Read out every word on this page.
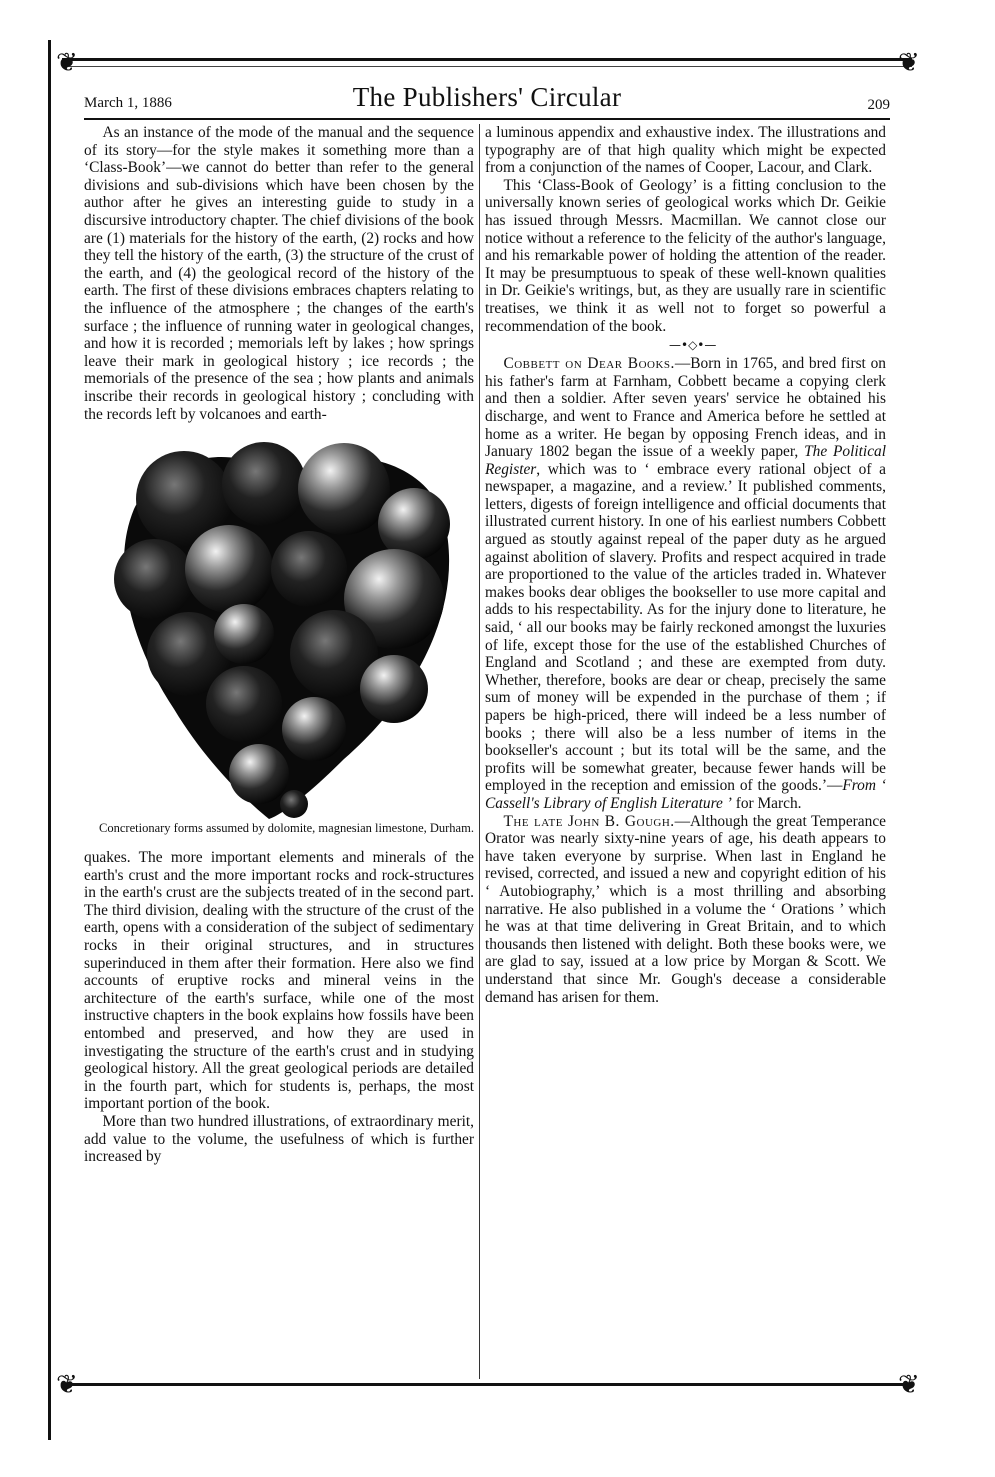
❦	❦
March 1, 1886	The Publishers' Circular	209

As an instance of the mode of the manual and the sequence of its story—for the style makes it something more than a ‘Class-Book’—we cannot do better than refer to the general divisions and sub-divisions which have been chosen by the author after he gives an interesting guide to study in a discursive introductory chapter. The chief divisions of the book are (1) materials for the history of the earth, (2) rocks and how they tell the history of the earth, (3) the structure of the crust of the earth, and (4) the geological record of the history of the earth. The first of these divisions embraces chapters relating to the influence of the atmosphere ; the changes of the earth's surface ; the influence of running water in geological changes, and how it is recorded ; memorials left by lakes ; how springs leave their mark in geological history ; ice records ; the memorials of the presence of the sea ; how plants and animals inscribe their records in geological history ; concluding with the records left by volcanoes and earth-

Concretionary forms assumed by dolomite, magnesian limestone, Durham.

quakes. The more important elements and minerals of the earth's crust and the more important rocks and rock-structures in the earth's crust are the subjects treated of in the second part. The third division, dealing with the structure of the crust of the earth, opens with a consideration of the subject of sedimentary rocks in their original structures, and in structures superinduced in them after their formation. Here also we find accounts of eruptive rocks and mineral veins in the architecture of the earth's surface, while one of the most instructive chapters in the book explains how fossils have been entombed and preserved, and how they are used in investigating the structure of the earth's crust and in studying geological history. All the great geological periods are detailed in the fourth part, which for students is, perhaps, the most important portion of the book.

More than two hundred illustrations, of extraordinary merit, add value to the volume, the usefulness of which is further increased by

a luminous appendix and exhaustive index. The illustrations and typography are of that high quality which might be expected from a conjunction of the names of Cooper, Lacour, and Clark.

This ‘Class-Book of Geology’ is a fitting conclusion to the universally known series of geological works which Dr. Geikie has issued through Messrs. Macmillan. We cannot close our notice without a reference to the felicity of the author's language, and his remarkable power of holding the attention of the reader. It may be presumptuous to speak of these well-known qualities in Dr. Geikie's writings, but, as they are usually rare in scientific treatises, we think it as well not to forget so powerful a recommendation of the book.

—•◇•—

Cobbett on Dear Books.—Born in 1765, and bred first on his father's farm at Farnham, Cobbett became a copying clerk and then a soldier. After seven years' service he obtained his discharge, and went to France and America before he settled at home as a writer. He began by opposing French ideas, and in January 1802 began the issue of a weekly paper, The Political Register, which was to ‘ embrace every rational object of a newspaper, a magazine, and a review.’ It published comments, letters, digests of foreign intelligence and official documents that illustrated current history. In one of his earliest numbers Cobbett argued as stoutly against repeal of the paper duty as he argued against abolition of slavery. Profits and respect acquired in trade are proportioned to the value of the articles traded in. Whatever makes books dear obliges the bookseller to use more capital and adds to his respectability. As for the injury done to literature, he said, ‘ all our books may be fairly reckoned amongst the luxuries of life, except those for the use of the established Churches of England and Scotland ; and these are exempted from duty. Whether, therefore, books are dear or cheap, precisely the same sum of money will be expended in the purchase of them ; if papers be high-priced, there will indeed be a less number of books ; there will also be a less number of items in the bookseller's account ; but its total will be the same, and the profits will be somewhat greater, because fewer hands will be employed in the reception and emission of the goods.’—From ‘ Cassell's Library of English Literature ’ for March.

The late John B. Gough.—Although the great Temperance Orator was nearly sixty-nine years of age, his death appears to have taken everyone by surprise. When last in England he revised, corrected, and issued a new and copyright edition of his ‘ Autobiography,’ which is a most thrilling and absorbing narrative. He also published in a volume the ‘ Orations ’ which he was at that time delivering in Great Britain, and to which thousands then listened with delight. Both these books were, we are glad to say, issued at a low price by Morgan & Scott. We understand that since Mr. Gough's decease a considerable demand has arisen for them.

❦	❦
